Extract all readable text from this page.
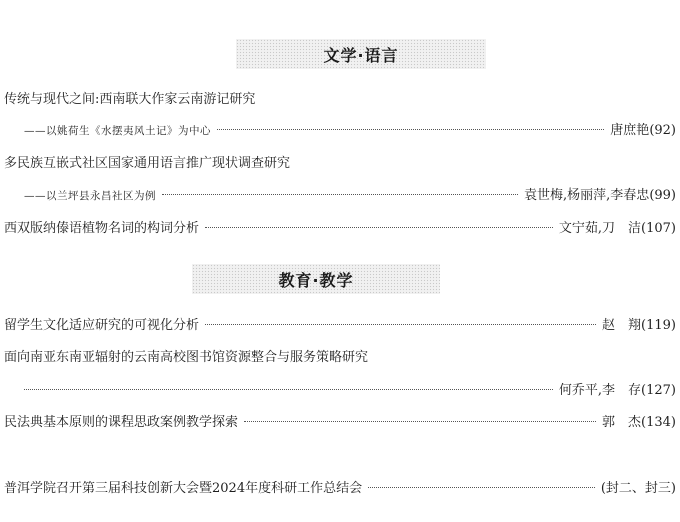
文学·语言
传统与现代之间:西南联大作家云南游记研究
——以姚荷生《水摆夷风土记》为中心	唐庶艳 (92)
多民族互嵌式社区国家通用语言推广现状调查研究
——以兰坪县永昌社区为例	袁世梅,杨丽萍,李春忠 (99)
西双版纳傣语植物名词的构词分析	文宁茹,刀　洁 (107)
教育·教学
留学生文化适应研究的可视化分析	赵　翔 (119)
面向南亚东南亚辐射的云南高校图书馆资源整合与服务策略研究
何乔平,李　存 (127)
民法典基本原则的课程思政案例教学探索	郭　杰 (134)
普洱学院召开第三届科技创新大会暨2024年度科研工作总结会	(封二、封三)
